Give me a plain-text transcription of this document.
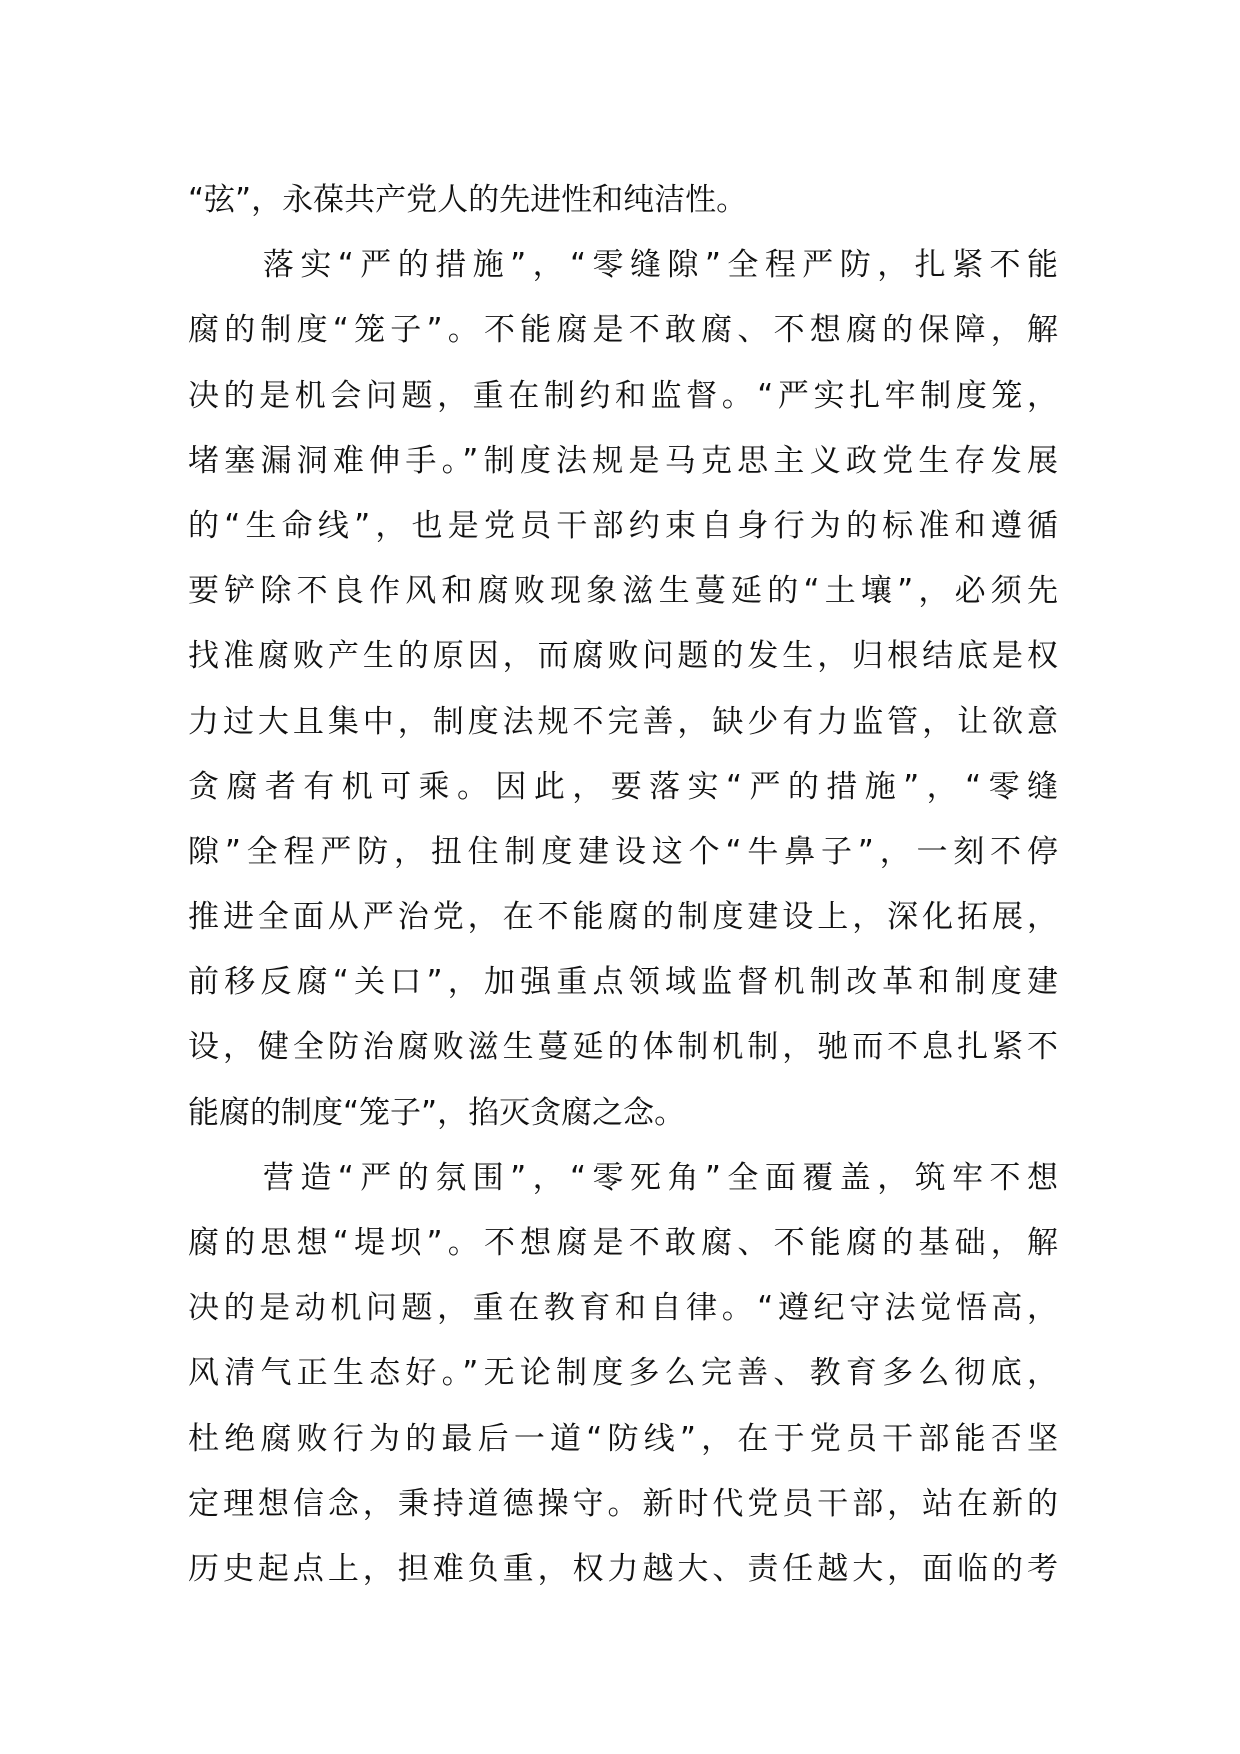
“弦”，永葆共产党人的先进性和纯洁性。
　　落实“严的措施”，“零缝隙”全程严防，扎紧不能
腐的制度“笼子”。不能腐是不敢腐、不想腐的保障，解
决的是机会问题，重在制约和监督。“严实扎牢制度笼，
堵塞漏洞难伸手。”制度法规是马克思主义政党生存发展
的“生命线”，也是党员干部约束自身行为的标准和遵循
要铲除不良作风和腐败现象滋生蔓延的“土壤”，必须先
找准腐败产生的原因，而腐败问题的发生，归根结底是权
力过大且集中，制度法规不完善，缺少有力监管，让欲意
贪腐者有机可乘。因此，要落实“严的措施”，“零缝
隙”全程严防，扭住制度建设这个“牛鼻子”，一刻不停
推进全面从严治党，在不能腐的制度建设上，深化拓展，
前移反腐“关口”，加强重点领域监督机制改革和制度建
设，健全防治腐败滋生蔓延的体制机制，驰而不息扎紧不
能腐的制度“笼子”，掐灭贪腐之念。
　　营造“严的氛围”，“零死角”全面覆盖，筑牢不想
腐的思想“堤坝”。不想腐是不敢腐、不能腐的基础，解
决的是动机问题，重在教育和自律。“遵纪守法觉悟高，
风清气正生态好。”无论制度多么完善、教育多么彻底，
杜绝腐败行为的最后一道“防线”，在于党员干部能否坚
定理想信念，秉持道德操守。新时代党员干部，站在新的
历史起点上，担难负重，权力越大、责任越大，面临的考
